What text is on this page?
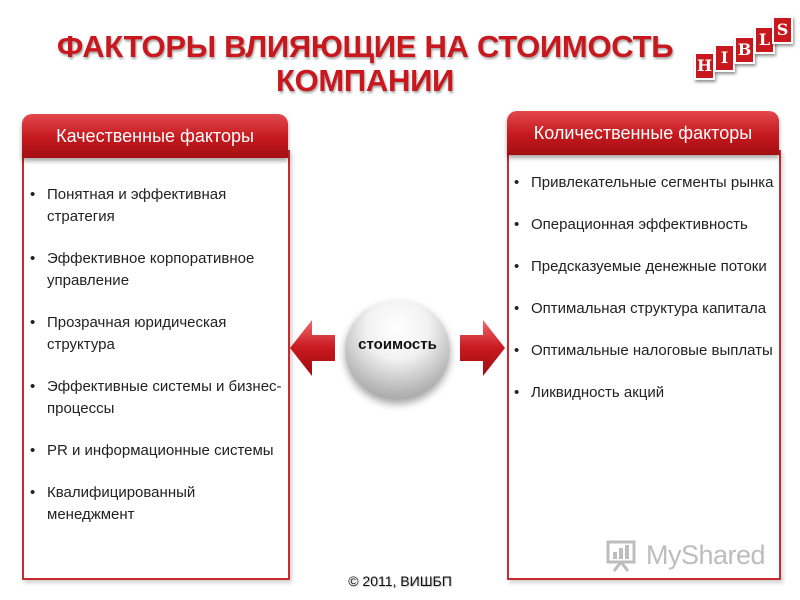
ФАКТОРЫ ВЛИЯЮЩИЕ НА СТОИМОСТЬ
КОМПАНИИ	H I B
L
S
Качественные факторы
• Понятная и эффективная стратегия
• Эффективное корпоративное управление
• Прозрачная юридическая структура
• Эффективные системы и бизнес-процессы
• PR и информационные системы
• Квалифицированный менеджмент
Количественные факторы
• Привлекательные сегменты рынка
• Операционная эффективность
• Предсказуемые денежные потоки
• Оптимальная структура капитала
• Оптимальные налоговые выплаты
• Ликвидность акций
стоимость
MyShared
© 2011, ВИШБП
